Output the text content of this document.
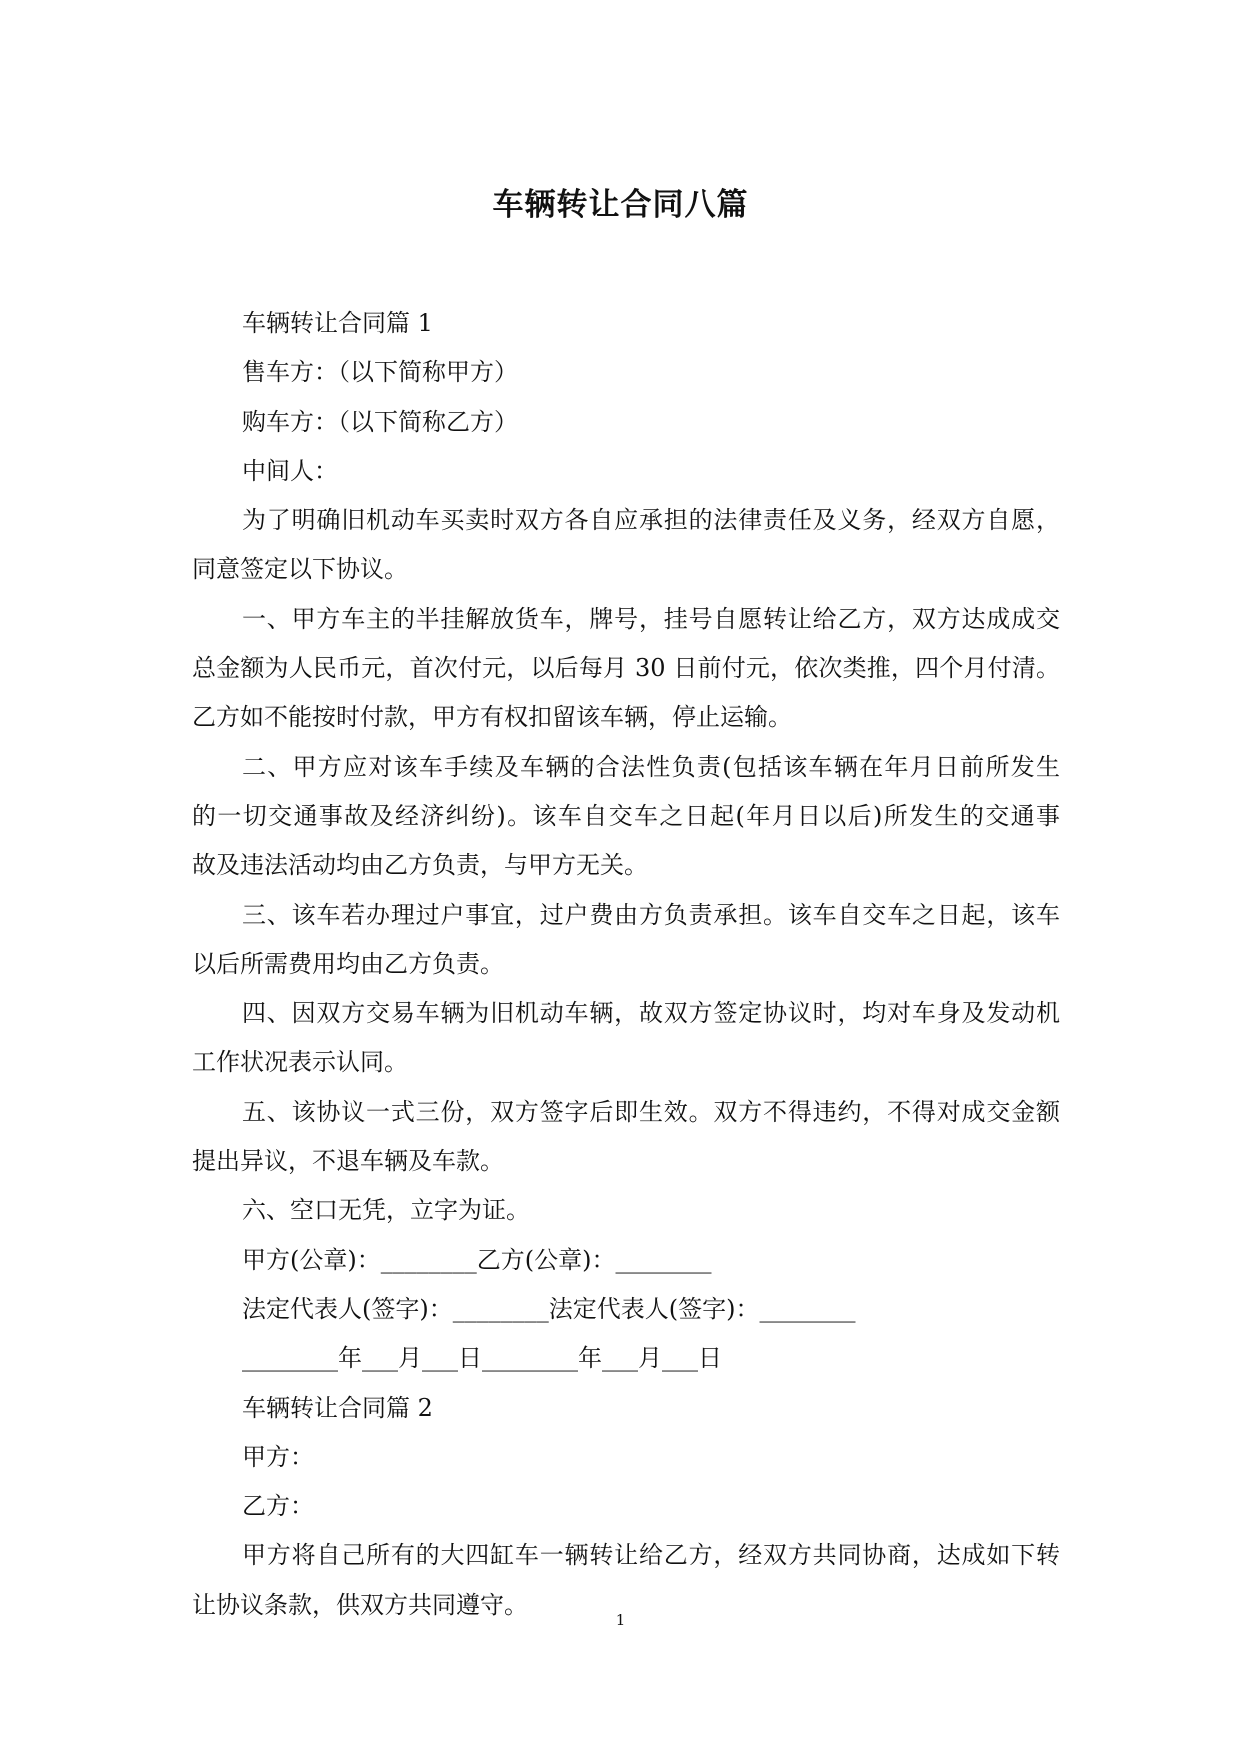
车辆转让合同八篇
车辆转让合同篇 1
售车方：（以下简称甲方）
购车方：（以下简称乙方）
中间人：
为了明确旧机动车买卖时双方各自应承担的法律责任及义务，经双方自愿，
同意签定以下协议。
一、甲方车主的半挂解放货车，牌号，挂号自愿转让给乙方，双方达成成交
总金额为人民币元，首次付元，以后每月 30 日前付元，依次类推，四个月付清。
乙方如不能按时付款，甲方有权扣留该车辆，停止运输。
二、甲方应对该车手续及车辆的合法性负责(包括该车辆在年月日前所发生
的一切交通事故及经济纠纷)。该车自交车之日起(年月日以后)所发生的交通事
故及违法活动均由乙方负责，与甲方无关。
三、该车若办理过户事宜，过户费由方负责承担。该车自交车之日起，该车
以后所需费用均由乙方负责。
四、因双方交易车辆为旧机动车辆，故双方签定协议时，均对车身及发动机
工作状况表示认同。
五、该协议一式三份，双方签字后即生效。双方不得违约，不得对成交金额
提出异议，不退车辆及车款。
六、空口无凭，立字为证。
甲方(公章)：________乙方(公章)：________
法定代表人(签字)：________法定代表人(签字)：________
________年___月___日________年___月___日
车辆转让合同篇 2
甲方：
乙方：
甲方将自己所有的大四缸车一辆转让给乙方，经双方共同协商，达成如下转
让协议条款，供双方共同遵守。
1
